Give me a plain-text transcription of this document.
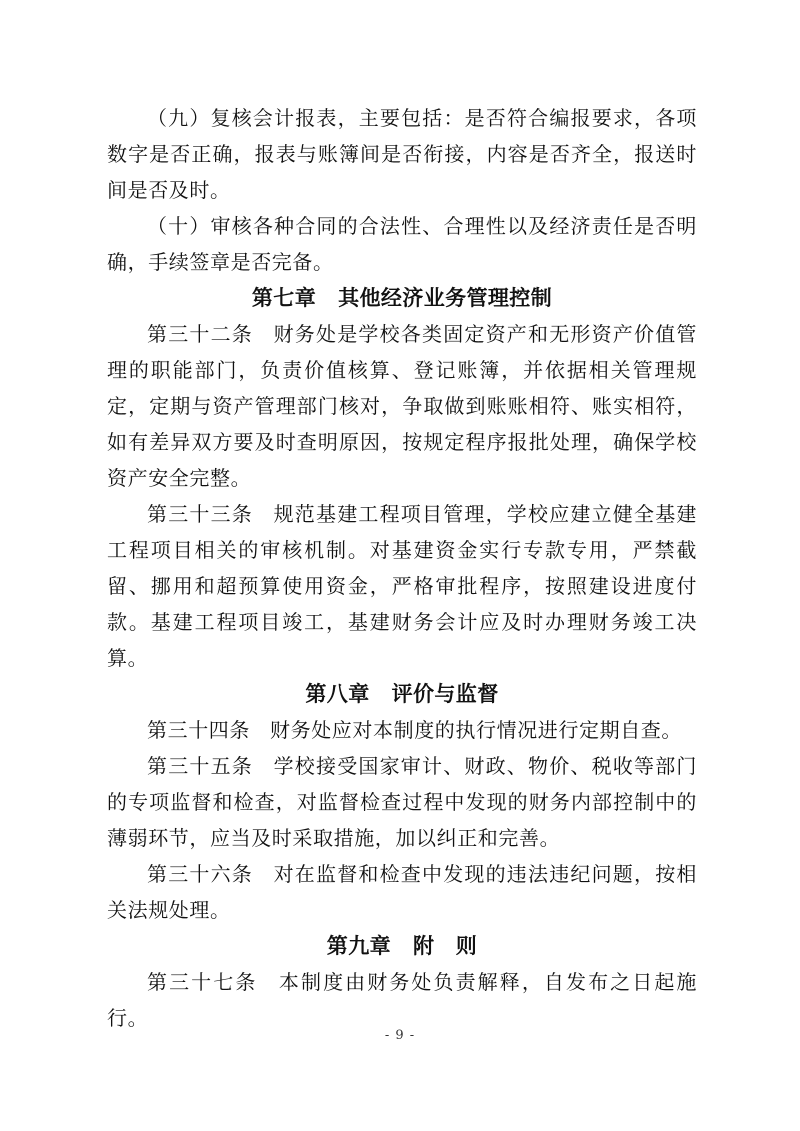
（九）复核会计报表，主要包括：是否符合编报要求，各项数字是否正确，报表与账簿间是否衔接，内容是否齐全，报送时间是否及时。

（十）审核各种合同的合法性、合理性以及经济责任是否明确，手续签章是否完备。

第七章 其他经济业务管理控制

第三十二条 财务处是学校各类固定资产和无形资产价值管理的职能部门，负责价值核算、登记账簿，并依据相关管理规定，定期与资产管理部门核对，争取做到账账相符、账实相符，如有差异双方要及时查明原因，按规定程序报批处理，确保学校资产安全完整。

第三十三条 规范基建工程项目管理，学校应建立健全基建工程项目相关的审核机制。对基建资金实行专款专用，严禁截留、挪用和超预算使用资金，严格审批程序，按照建设进度付款。基建工程项目竣工，基建财务会计应及时办理财务竣工决算。

第八章 评价与监督

第三十四条 财务处应对本制度的执行情况进行定期自查。

第三十五条 学校接受国家审计、财政、物价、税收等部门的专项监督和检查，对监督检查过程中发现的财务内部控制中的薄弱环节，应当及时采取措施，加以纠正和完善。

第三十六条 对在监督和检查中发现的违法违纪问题，按相关法规处理。

第九章 附　则

第三十七条 本制度由财务处负责解释，自发布之日起施行。

- 9 -
